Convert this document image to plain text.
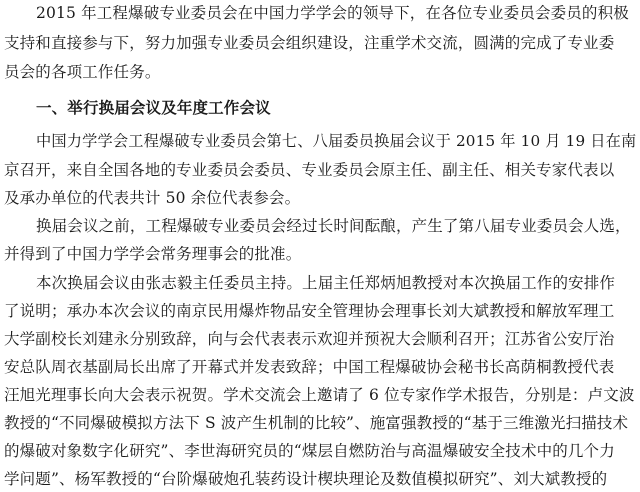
2015 年工程爆破专业委员会在中国力学学会的领导下，在各位专业委员会委员的积极
支持和直接参与下，努力加强专业委员会组织建设，注重学术交流，圆满的完成了专业委
员会的各项工作任务。
一、举行换届会议及年度工作会议
中国力学学会工程爆破专业委员会第七、八届委员换届会议于 2015 年 10 月 19 日在南
京召开，来自全国各地的专业委员会委员、专业委员会原主任、副主任、相关专家代表以
及承办单位的代表共计 50 余位代表参会。
换届会议之前，工程爆破专业委员会经过长时间酝酿，产生了第八届专业委员会人选，
并得到了中国力学学会常务理事会的批准。
本次换届会议由张志毅主任委员主持。上届主任郑炳旭教授对本次换届工作的安排作
了说明；承办本次会议的南京民用爆炸物品安全管理协会理事长刘大斌教授和解放军理工
大学副校长刘建永分别致辞，向与会代表表示欢迎并预祝大会顺利召开；江苏省公安厅治
安总队周衣基副局长出席了开幕式并发表致辞；中国工程爆破协会秘书长高荫桐教授代表
汪旭光理事长向大会表示祝贺。学术交流会上邀请了 6 位专家作学术报告，分别是：卢文波
教授的“不同爆破模拟方法下 S 波产生机制的比较”、施富强教授的“基于三维激光扫描技术
的爆破对象数字化研究”、李世海研究员的“煤层自燃防治与高温爆破安全技术中的几个力
学问题”、杨军教授的“台阶爆破炮孔装药设计楔块理论及数值模拟研究”、刘大斌教授的
